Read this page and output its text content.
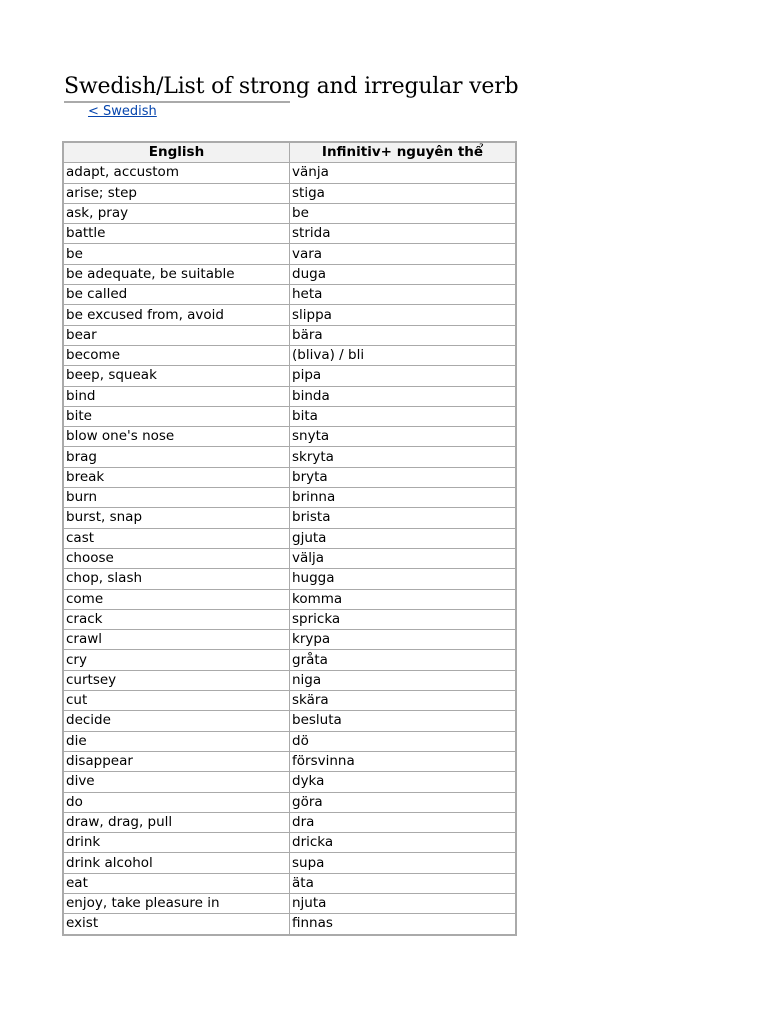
Swedish/List of strong and irregular verb
< Swedish
English	Infinitiv+ nguyên thể
adapt, accustom	vänja
arise; step	stiga
ask, pray	be
battle	strida
be	vara
be adequate, be suitable	duga
be called	heta
be excused from, avoid	slippa
bear	bära
become	(bliva) / bli
beep, squeak	pipa
bind	binda
bite	bita
blow one's nose	snyta
brag	skryta
break	bryta
burn	brinna
burst, snap	brista
cast	gjuta
choose	välja
chop, slash	hugga
come	komma
crack	spricka
crawl	krypa
cry	gråta
curtsey	niga
cut	skära
decide	besluta
die	dö
disappear	försvinna
dive	dyka
do	göra
draw, drag, pull	dra
drink	dricka
drink alcohol	supa
eat	äta
enjoy, take pleasure in	njuta
exist	finnas
